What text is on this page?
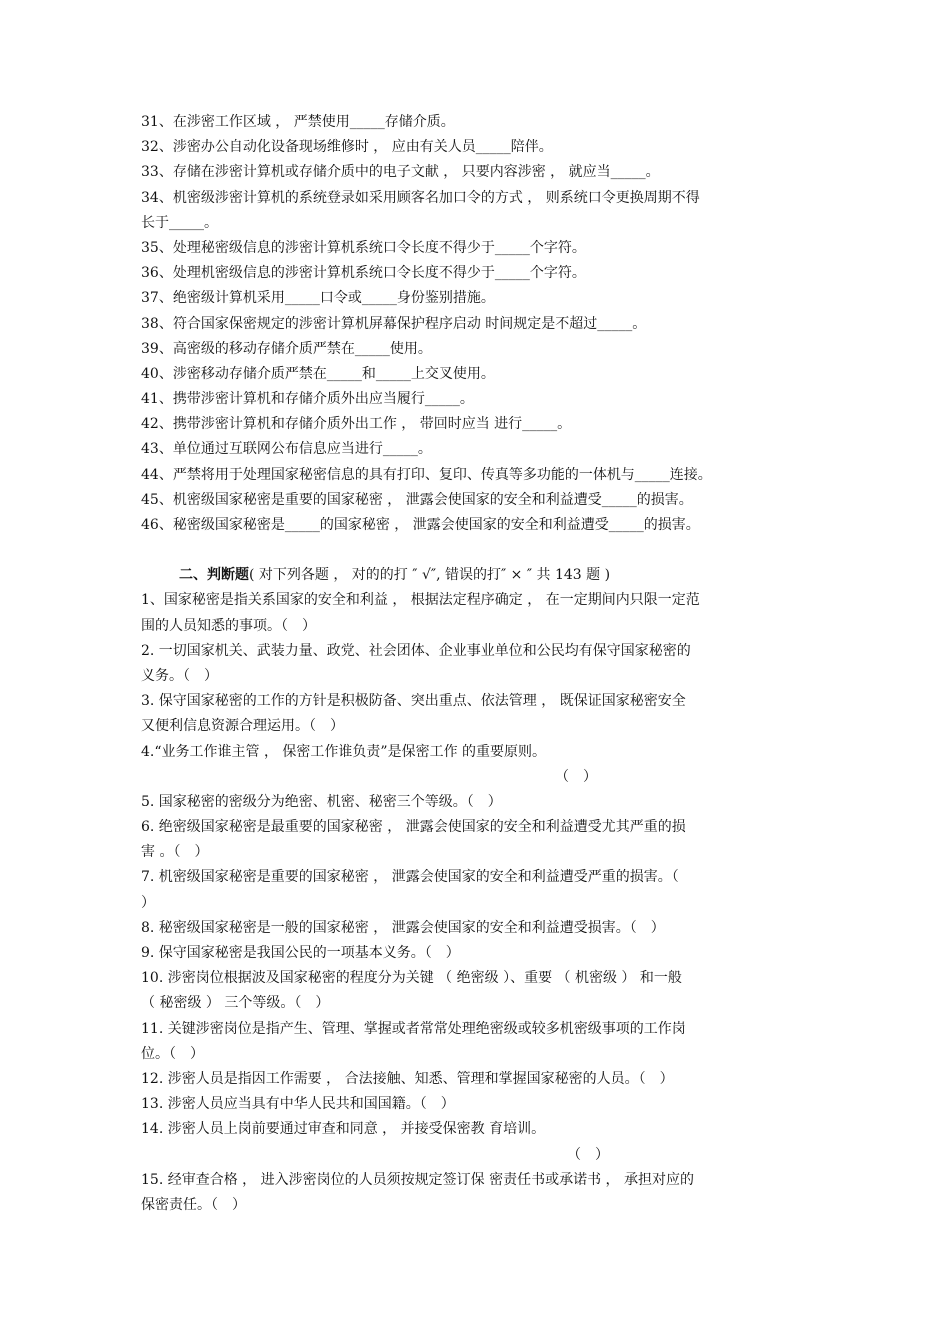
31、在涉密工作区域 ， 严禁使用_____存储介质。
32、涉密办公自动化设备现场维修时 ， 应由有关人员_____陪伴。
33、存储在涉密计算机或存储介质中的电子文献 ， 只要内容涉密 ， 就应当_____。
34、机密级涉密计算机的系统登录如采用顾客名加口令的方式 ， 则系统口令更换周期不得
长于_____。
35、处理秘密级信息的涉密计算机系统口令长度不得少于_____个字符。
36、处理机密级信息的涉密计算机系统口令长度不得少于_____个字符。
37、绝密级计算机采用_____口令或_____身份鉴别措施。
38、符合国家保密规定的涉密计算机屏幕保护程序启动 时间规定是不超过_____。
39、高密级的移动存储介质严禁在_____使用。
40、涉密移动存储介质严禁在_____和_____上交叉使用。
41、携带涉密计算机和存储介质外出应当履行_____。
42、携带涉密计算机和存储介质外出工作 ， 带回时应当 进行_____。
43、单位通过互联网公布信息应当进行_____。
44、严禁将用于处理国家秘密信息的具有打印、复印、传真等多功能的一体机与_____连接。
45、机密级国家秘密是重要的国家秘密 ， 泄露会使国家的安全和利益遭受_____的损害。
46、秘密级国家秘密是_____的国家秘密 ， 泄露会使国家的安全和利益遭受_____的损害。
二、判断题( 对下列各题 ， 对的的打 ″ √″, 错误的打″ × ″ 共 143 题 )
1、国家秘密是指关系国家的安全和利益 ， 根据法定程序确定 ， 在一定期间内只限一定范
围的人员知悉的事项。（　）
2. 一切国家机关、武装力量、政党、社会团体、企业事业单位和公民均有保守国家秘密的
义务。（　）
3. 保守国家秘密的工作的方针是积极防备、突出重点、依法管理 ， 既保证国家秘密安全
又便利信息资源合理运用。（　）
4.“业务工作谁主管 ， 保密工作谁负责”是保密工作 的重要原则。
（　）
5. 国家秘密的密级分为绝密、机密、秘密三个等级。（　）
6. 绝密级国家秘密是最重要的国家秘密 ， 泄露会使国家的安全和利益遭受尤其严重的损
害 。（　）
7. 机密级国家秘密是重要的国家秘密 ， 泄露会使国家的安全和利益遭受严重的损害。（
）
8. 秘密级国家秘密是一般的国家秘密 ， 泄露会使国家的安全和利益遭受损害。（　）
9. 保守国家秘密是我国公民的一项基本义务。（　）
10. 涉密岗位根据波及国家秘密的程度分为关键 （ 绝密级 ）、重要 （ 机密级 ） 和一般
（ 秘密级 ） 三个等级。（　）
11. 关键涉密岗位是指产生、管理、掌握或者常常处理绝密级或较多机密级事项的工作岗
位。（　）
12. 涉密人员是指因工作需要 ， 合法接触、知悉、管理和掌握国家秘密的人员。（　）
13. 涉密人员应当具有中华人民共和国国籍。（　）
14. 涉密人员上岗前要通过审查和同意 ， 并接受保密教 育培训。
（　）
15. 经审查合格 ， 进入涉密岗位的人员须按规定签订保 密责任书或承诺书 ， 承担对应的
保密责任。（　）
